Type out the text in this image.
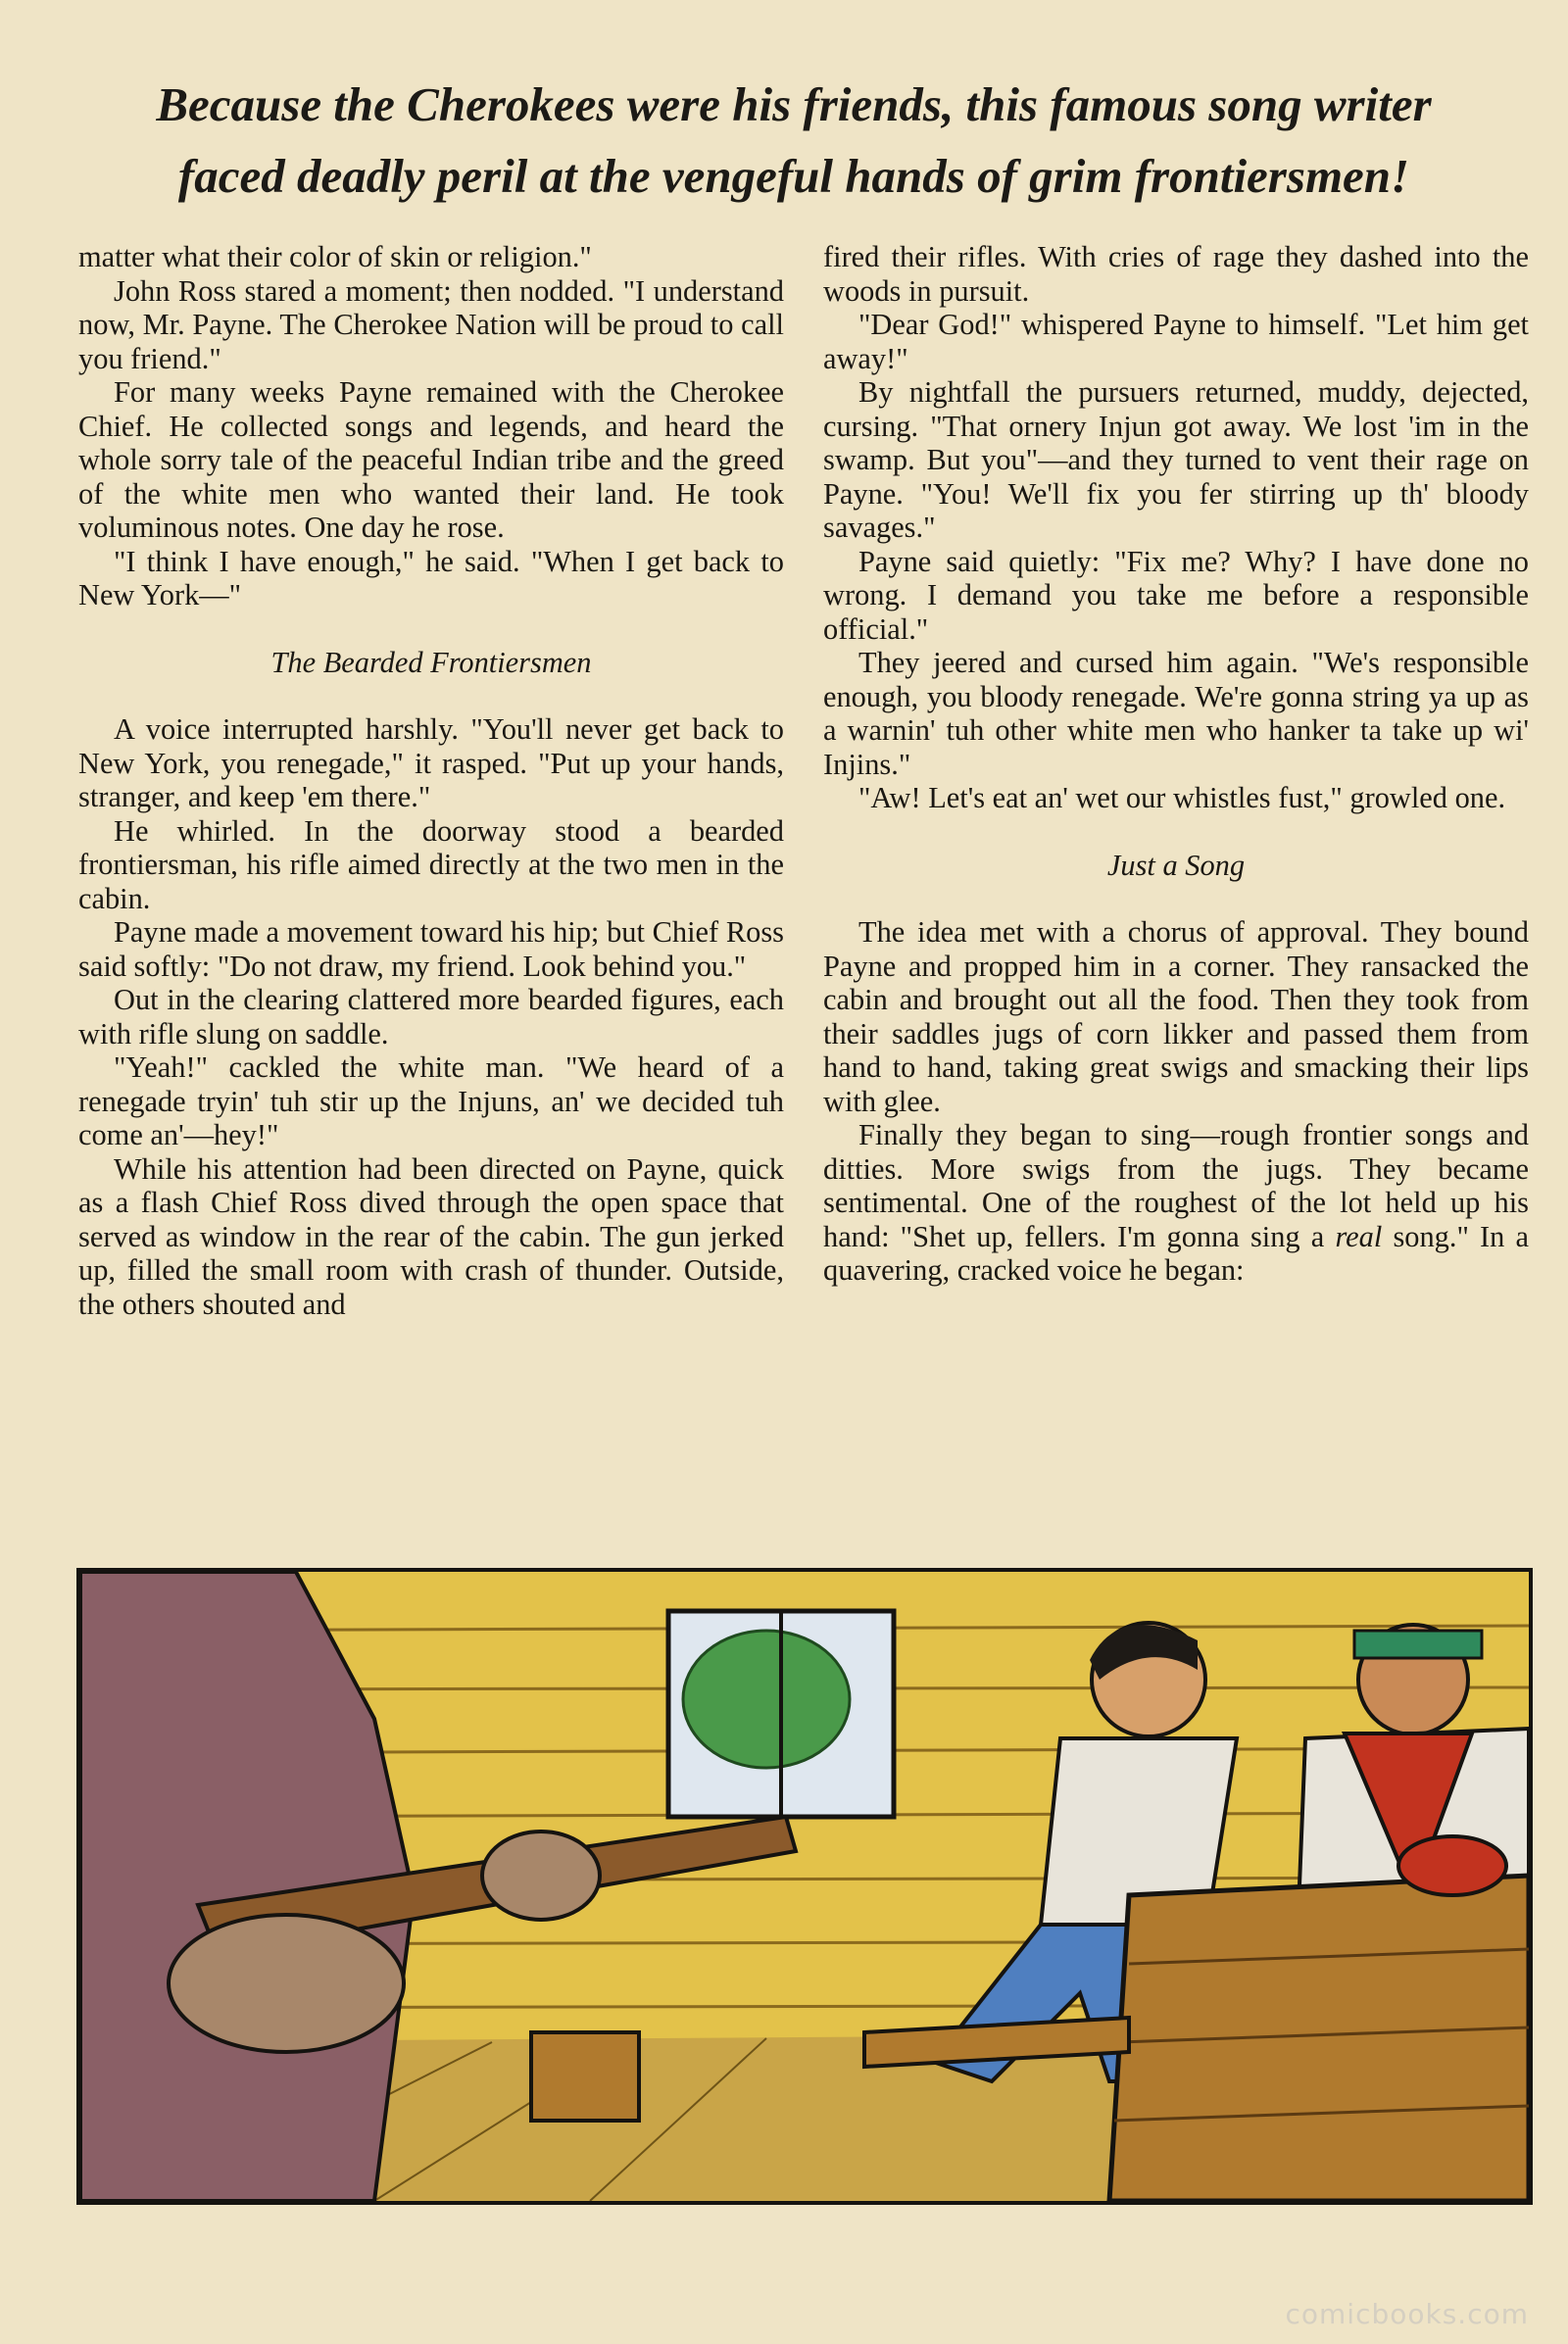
Because the Cherokees were his friends, this famous song writer
faced deadly peril at the vengeful hands of grim frontiersmen!

matter what their color of skin or religion."

John Ross stared a moment; then nodded. "I understand now, Mr. Payne. The Cherokee Nation will be proud to call you friend."

For many weeks Payne remained with the Cherokee Chief. He collected songs and legends, and heard the whole sorry tale of the peaceful Indian tribe and the greed of the white men who wanted their land. He took voluminous notes. One day he rose.

"I think I have enough," he said. "When I get back to New York—"

The Bearded Frontiersmen

A voice interrupted harshly. "You'll never get back to New York, you renegade," it rasped. "Put up your hands, stranger, and keep 'em there."

He whirled. In the doorway stood a bearded frontiersman, his rifle aimed directly at the two men in the cabin.

Payne made a movement toward his hip; but Chief Ross said softly: "Do not draw, my friend. Look behind you."

Out in the clearing clattered more bearded figures, each with rifle slung on saddle.

"Yeah!" cackled the white man. "We heard of a renegade tryin' tuh stir up the Injuns, an' we decided tuh come an'—hey!"

While his attention had been directed on Payne, quick as a flash Chief Ross dived through the open space that served as window in the rear of the cabin. The gun jerked up, filled the small room with crash of thunder. Outside, the others shouted and

fired their rifles. With cries of rage they dashed into the woods in pursuit.

"Dear God!" whispered Payne to himself. "Let him get away!"

By nightfall the pursuers returned, muddy, dejected, cursing. "That ornery Injun got away. We lost 'im in the swamp. But you"—and they turned to vent their rage on Payne. "You! We'll fix you fer stirring up th' bloody savages."

Payne said quietly: "Fix me? Why? I have done no wrong. I demand you take me before a responsible official."

They jeered and cursed him again. "We's responsible enough, you bloody renegade. We're gonna string ya up as a warnin' tuh other white men who hanker ta take up wi' Injins."

"Aw! Let's eat an' wet our whistles fust," growled one.

Just a Song

The idea met with a chorus of approval. They bound Payne and propped him in a corner. They ransacked the cabin and brought out all the food. Then they took from their saddles jugs of corn likker and passed them from hand to hand, taking great swigs and smacking their lips with glee.

Finally they began to sing—rough frontier songs and ditties. More swigs from the jugs. They became sentimental. One of the roughest of the lot held up his hand: "Shet up, fellers. I'm gonna sing a real song." In a quavering, cracked voice he began:

comicbooks.com
